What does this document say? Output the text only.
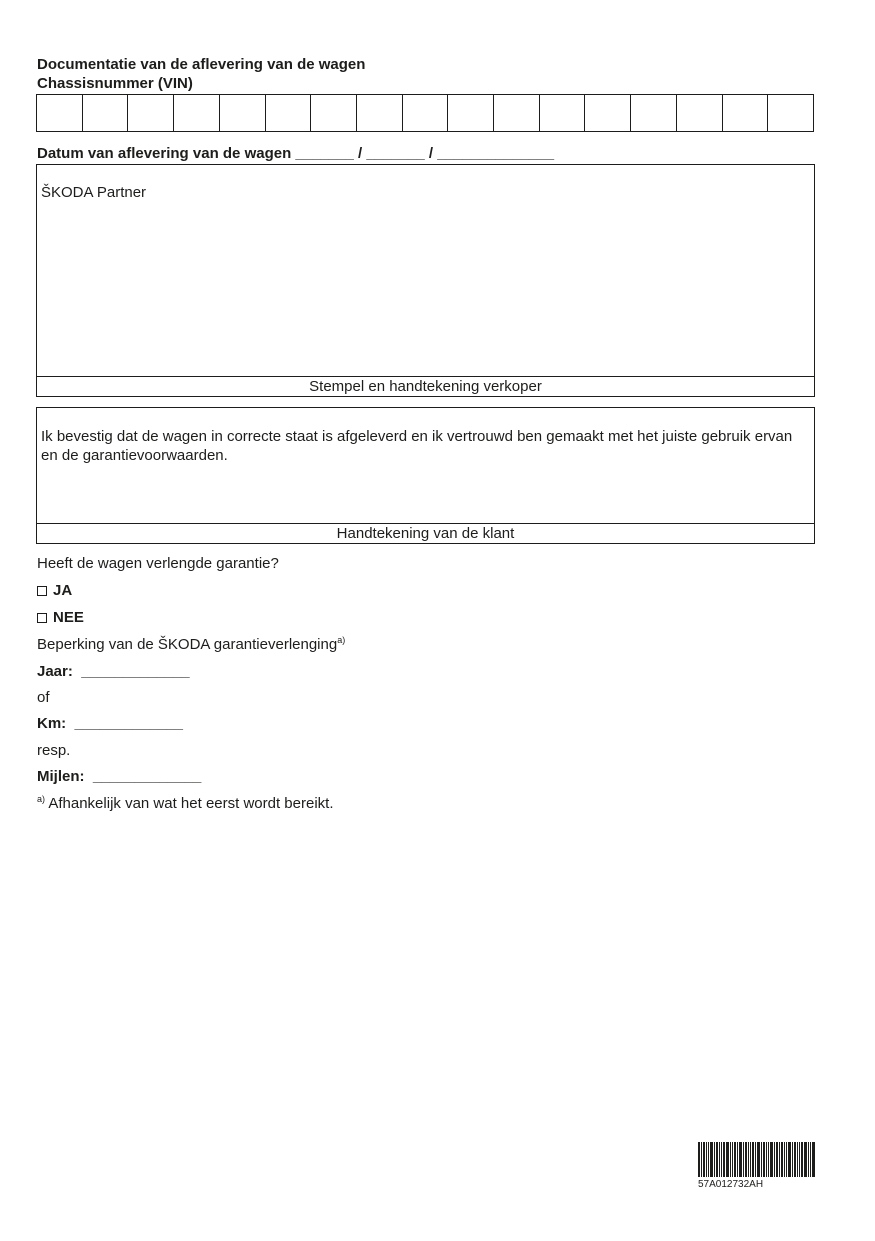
Documentatie van de aflevering van de wagen
Chassisnummer (VIN)
Datum van aflevering van de wagen _______ / _______ / ______________
ŠKODA Partner
Stempel en handtekening verkoper
Ik bevestig dat de wagen in correcte staat is afgeleverd en ik vertrouwd ben gemaakt met het juiste gebruik ervan en de garantievoorwaarden.
Handtekening van de klant
Heeft de wagen verlengde garantie?
JA
NEE
Beperking van de ŠKODA garantieverlenging$^{a)}$
Jaar: _____________
of
Km: _____________
resp.
Mijlen: _____________
$^{a)}$ Afhankelijk van wat het eerst wordt bereikt.
57A012732AH
